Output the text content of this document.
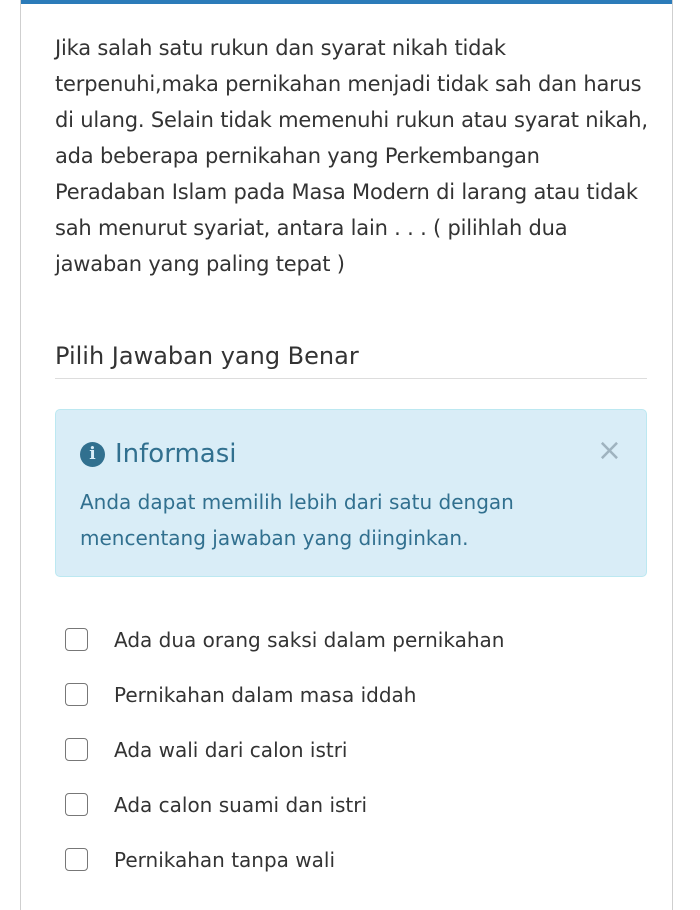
Jika salah satu rukun dan syarat nikah tidak terpenuhi,maka pernikahan menjadi tidak sah dan harus di ulang. Selain tidak memenuhi rukun atau syarat nikah, ada beberapa pernikahan yang Perkembangan Peradaban Islam pada Masa Modern di larang atau tidak sah menurut syariat, antara lain . . . ( pilihlah dua jawaban yang paling tepat )

Pilih Jawaban yang Benar
i Informasi	×
Anda dapat memilih lebih dari satu dengan mencentang jawaban yang diinginkan.
Ada dua orang saksi dalam pernikahan
Pernikahan dalam masa iddah
Ada wali dari calon istri
Ada calon suami dan istri
Pernikahan tanpa wali
